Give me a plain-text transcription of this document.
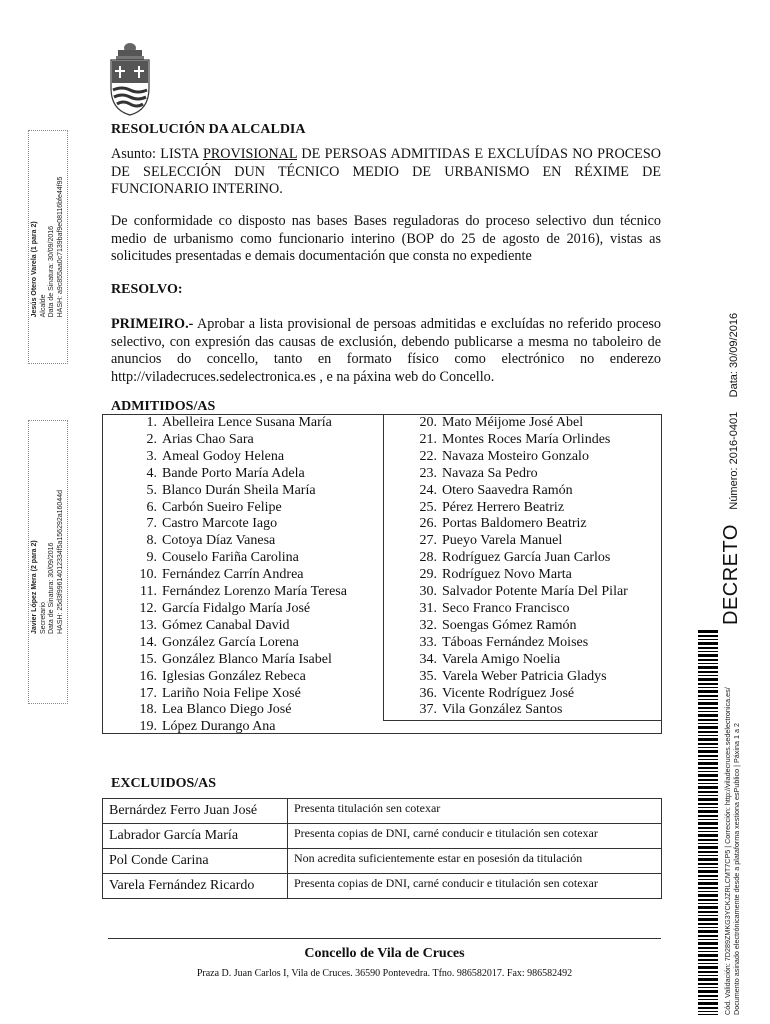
Jesús Otero Varela (1 para 2) Alcalde Data de Sinatura: 30/09/2016 HASH: a9c855aa0c7139baf9e08116bfe44f95
Javier López Mera (2 para 2) Secretario Data de Sinatura: 30/09/2016 HASH: 25d3f99614012334f5a156292a16044d
RESOLUCIÓN DA ALCALDIA
Asunto: LISTA PROVISIONAL DE PERSOAS ADMITIDAS E EXCLUÍDAS NO PROCESO DE SELECCIÓN DUN TÉCNICO MEDIO DE URBANISMO EN RÉXIME DE FUNCIONARIO INTERINO.
De conformidade co disposto nas bases Bases reguladoras do proceso selectivo dun técnico medio de urbanismo como funcionario interino (BOP do 25 de agosto de 2016), vistas as solicitudes presentadas e demais documentación que consta no expediente
RESOLVO:
PRIMEIRO.- Aprobar a lista provisional de persoas admitidas e excluídas no referido proceso selectivo, con expresión das causas de exclusión, debendo publicarse a mesma no taboleiro de anuncios do concello, tanto en formato físico como electrónico no enderezo http://viladecruces.sedelectronica.es , e na páxina web do Concello.
ADMITIDOS/AS
1. Abelleira Lence Susana María
2. Arias Chao Sara
3. Ameal Godoy Helena
4. Bande Porto María Adela
5. Blanco Durán Sheila María
6. Carbón Sueiro Felipe
7. Castro Marcote Iago
8. Cotoya Díaz Vanesa
9. Couselo Fariña Carolina
10. Fernández Carrín Andrea
11. Fernández Lorenzo María Teresa
12. García Fidalgo María José
13. Gómez Canabal David
14. González García Lorena
15. González Blanco María Isabel
16. Iglesias González Rebeca
17. Lariño Noia Felipe Xosé
18. Lea Blanco Diego José
19. López Durango Ana
20. Mato Méijome José Abel
21. Montes Roces María Orlindes
22. Navaza Mosteiro Gonzalo
23. Navaza Sa Pedro
24. Otero Saavedra Ramón
25. Pérez Herrero Beatriz
26. Portas Baldomero Beatriz
27. Pueyo Varela Manuel
28. Rodríguez García Juan Carlos
29. Rodríguez Novo Marta
30. Salvador Potente María Del Pilar
31. Seco Franco Francisco
32. Soengas Gómez Ramón
33. Táboas Fernández Moises
34. Varela Amigo Noelia
35. Varela Weber Patricia Gladys
36. Vicente Rodríguez José
37. Vila González Santos
EXCLUIDOS/AS
Bernárdez Ferro Juan José	Presenta titulación sen cotexar
Labrador García María	Presenta copias de DNI, carné conducir e titulación sen cotexar
Pol Conde Carina	Non acredita suficientemente estar en posesión da titulación
Varela Fernández Ricardo	Presenta copias de DNI, carné conducir e titulación sen cotexar
Concello de Vila de Cruces
Praza D. Juan Carlos I, Vila de Cruces. 36590 Pontevedra. Tfno. 986582017. Fax: 986582492
DECRETO Número: 2016-0401 Data: 30/09/2016
Cód. Validación: 7D289ZMKG3YCKJZRLCMT7CP5 | Corrección: http://viladecruces.sedelectronica.es/ Documento asinado electrónicamente desde a plataforma xestiona esPublico | Páxina 1 a 2
